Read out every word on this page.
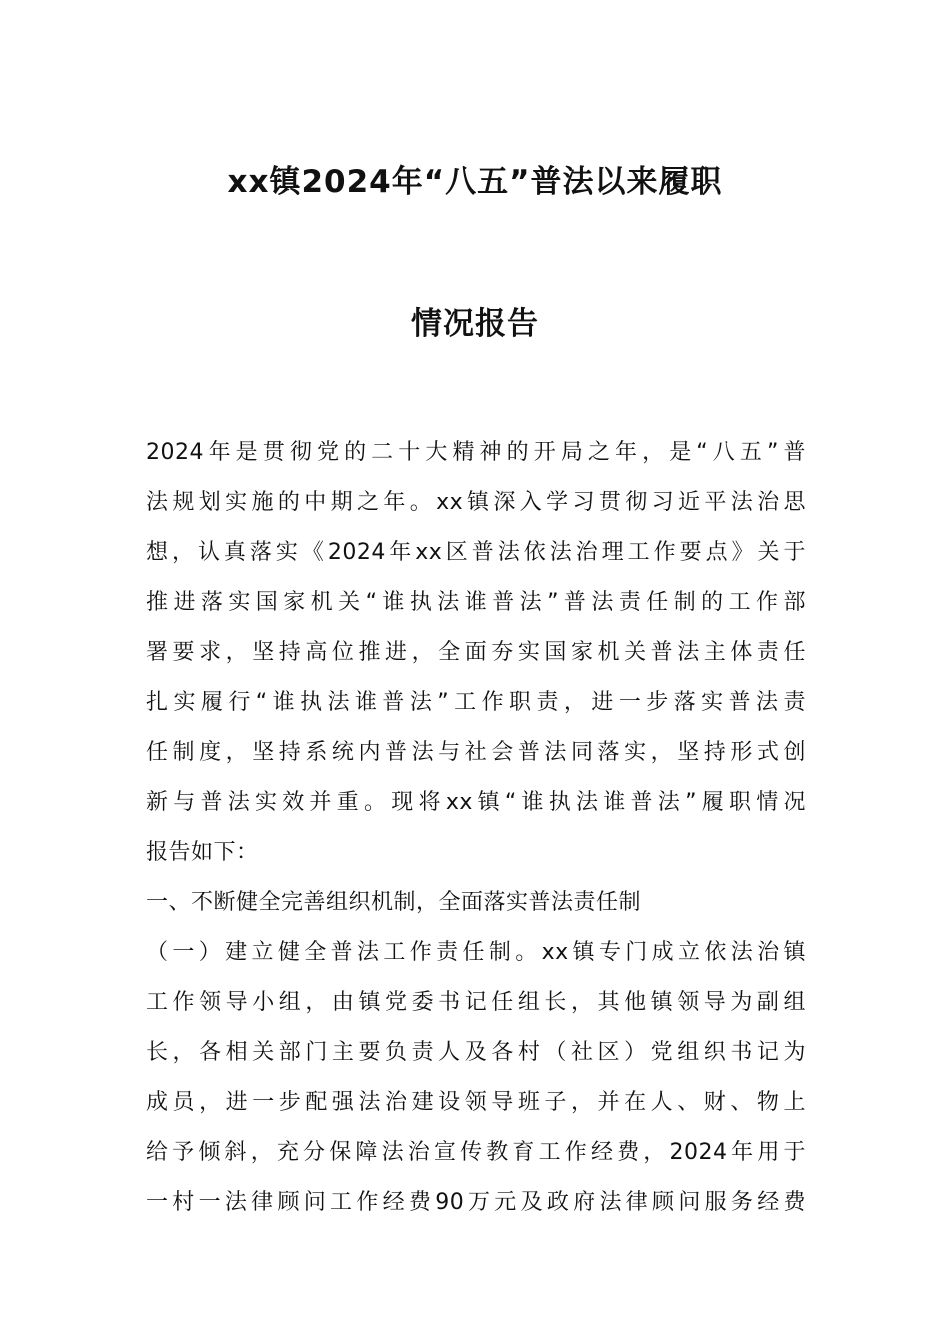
xx镇2024年“八五”普法以来履职
情况报告
2024年是贯彻党的二十大精神的开局之年，是“八五”普
法规划实施的中期之年。xx镇深入学习贯彻习近平法治思
想，认真落实《2024年xx区普法依法治理工作要点》关于
推进落实国家机关“谁执法谁普法”普法责任制的工作部
署要求，坚持高位推进，全面夯实国家机关普法主体责任
扎实履行“谁执法谁普法”工作职责，进一步落实普法责
任制度，坚持系统内普法与社会普法同落实，坚持形式创
新与普法实效并重。现将xx镇“谁执法谁普法”履职情况
报告如下：
一、不断健全完善组织机制，全面落实普法责任制
（一）建立健全普法工作责任制。xx镇专门成立依法治镇
工作领导小组，由镇党委书记任组长，其他镇领导为副组
长，各相关部门主要负责人及各村（社区）党组织书记为
成员，进一步配强法治建设领导班子，并在人、财、物上
给予倾斜，充分保障法治宣传教育工作经费，2024年用于
一村一法律顾问工作经费90万元及政府法律顾问服务经费
